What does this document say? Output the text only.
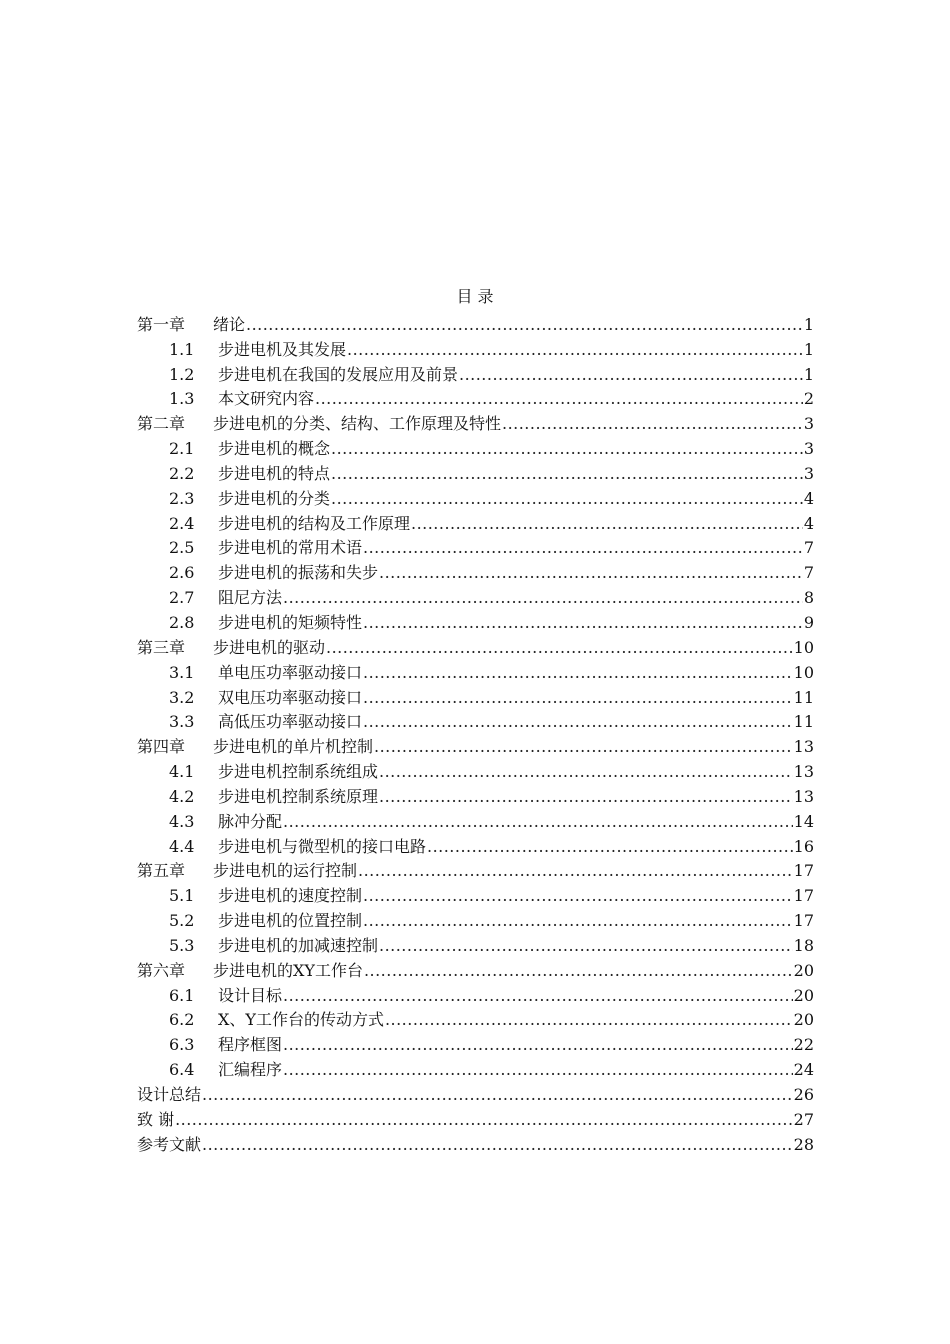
目 录
第一章	绪论 . . .	1
1.1	步进电机及其发展 . . .	1
1.2	步进电机在我国的发展应用及前景 . . .	1
1.3	本文研究内容 . . .	2
第二章	步进电机的分类、结构、工作原理及特性 . . .	3
2.1	步进电机的概念 . . .	3
2.2	步进电机的特点 . . .	3
2.3	步进电机的分类 . . .	4
2.4	步进电机的结构及工作原理 . . .	4
2.5	步进电机的常用术语 . . .	7
2.6	步进电机的振荡和失步 . . .	7
2.7	阻尼方法 . . .	8
2.8	步进电机的矩频特性 . . .	9
第三章	步进电机的驱动 . . .	10
3.1	单电压功率驱动接口 . . .	10
3.2	双电压功率驱动接口 . . .	11
3.3	高低压功率驱动接口 . . .	11
第四章	步进电机的单片机控制 . . .	13
4.1	步进电机控制系统组成 . . .	13
4.2	步进电机控制系统原理 . . .	13
4.3	脉冲分配 . . .	14
4.4	步进电机与微型机的接口电路 . . .	16
第五章	步进电机的运行控制 . . .	17
5.1	步进电机的速度控制 . . .	17
5.2	步进电机的位置控制 . . .	17
5.3	步进电机的加减速控制 . . .	18
第六章	步进电机的XY工作台 . . .	20
6.1	设计目标 . . .	20
6.2	X、Y工作台的传动方式 . . .	20
6.3	程序框图 . . .	22
6.4	汇编程序 . . .	24
设计总结 . . .	26
致 谢 . . .	27
参考文献 . . .	28
